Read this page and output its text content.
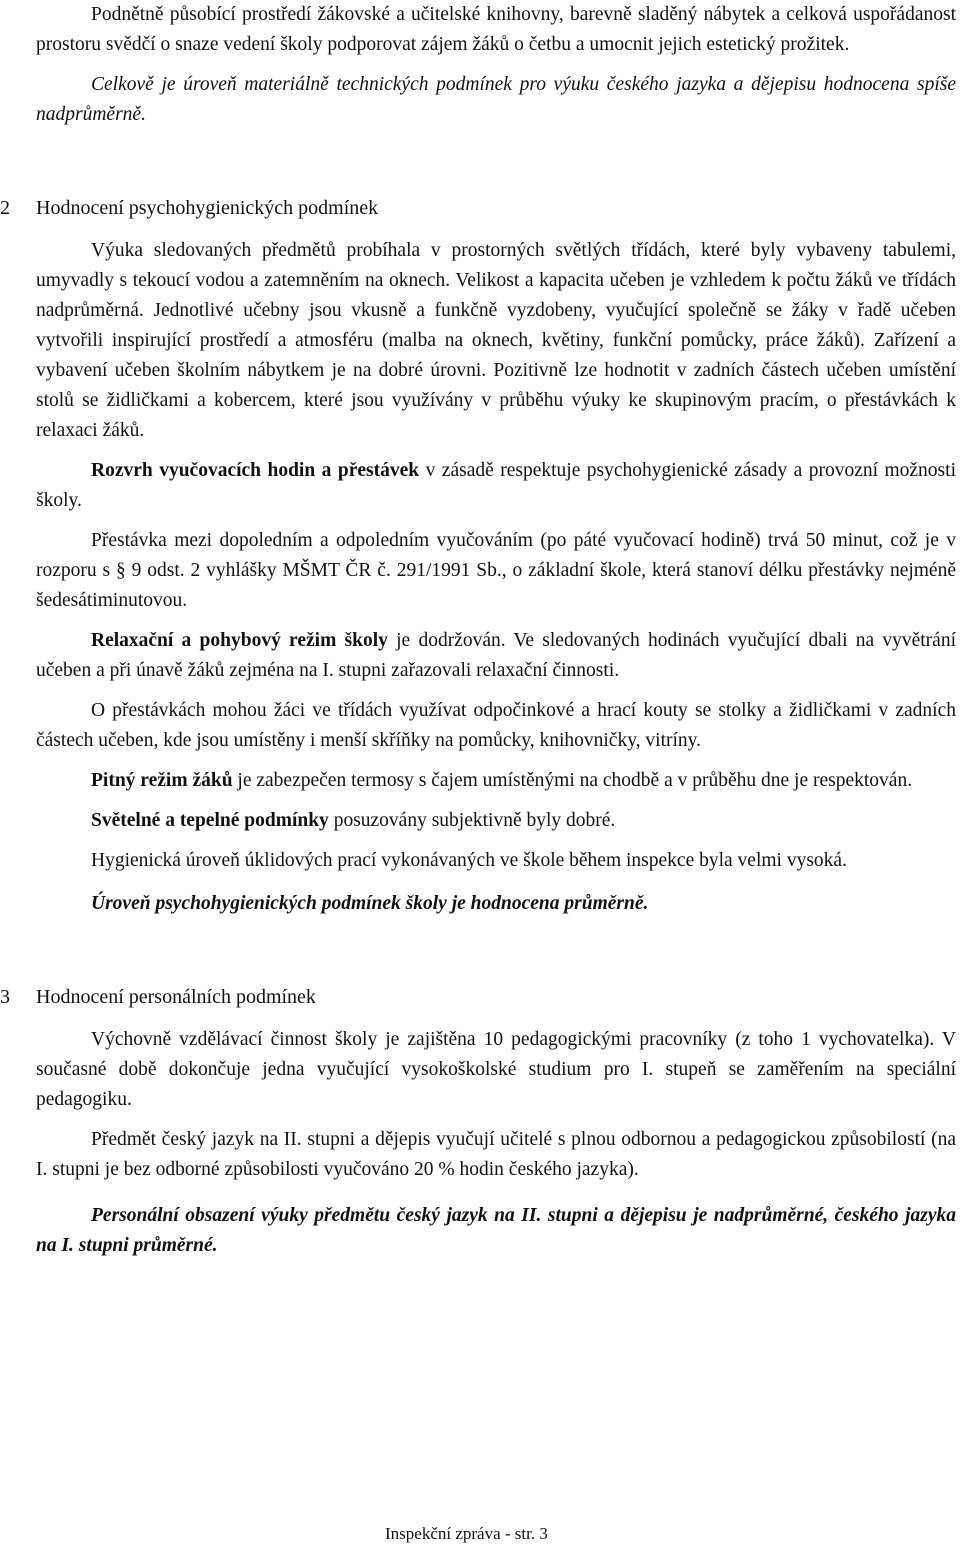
Podnětně působící prostředí žákovské a učitelské knihovny, barevně sladěný nábytek a celková uspořádanost prostoru svědčí o snaze vedení školy podporovat zájem žáků o četbu a umocnit jejich estetický prožitek.

Celkově je úroveň materiálně technických podmínek pro výuku českého jazyka a dějepisu hodnocena spíše nadprůměrně.

2	Hodnocení psychohygienických podmínek

Výuka sledovaných předmětů probíhala v prostorných světlých třídách, které byly vybaveny tabulemi, umyvadly s tekoucí vodou a zatemněním na oknech. Velikost a kapacita učeben je vzhledem k počtu žáků ve třídách nadprůměrná. Jednotlivé učebny jsou vkusně a funkčně vyzdobeny, vyučující společně se žáky v řadě učeben vytvořili inspirující prostředí a atmosféru (malba na oknech, květiny, funkční pomůcky, práce žáků). Zařízení a vybavení učeben školním nábytkem je na dobré úrovni. Pozitivně lze hodnotit v zadních částech učeben umístění stolů se židličkami a kobercem, které jsou využívány v průběhu výuky ke skupinovým pracím, o přestávkách k relaxaci žáků.

Rozvrh vyučovacích hodin a přestávek v zásadě respektuje psychohygienické zásady a provozní možnosti školy.

Přestávka mezi dopoledním a odpoledním vyučováním (po páté vyučovací hodině) trvá 50 minut, což je v rozporu s § 9 odst. 2 vyhlášky MŠMT ČR č. 291/1991 Sb., o základní škole, která stanoví délku přestávky nejméně šedesátiminutovou.

Relaxační a pohybový režim školy je dodržován. Ve sledovaných hodinách vyučující dbali na vyvětrání učeben a při únavě žáků zejména na I. stupni zařazovali relaxační činnosti.

O přestávkách mohou žáci ve třídách využívat odpočinkové a hrací kouty se stolky a židličkami v zadních částech učeben, kde jsou umístěny i menší skříňky na pomůcky, knihovničky, vitríny.

Pitný režim žáků je zabezpečen termosy s čajem umístěnými na chodbě a v průběhu dne je respektován.

Světelné a tepelné podmínky posuzovány subjektivně byly dobré.

Hygienická úroveň úklidových prací vykonávaných ve škole během inspekce byla velmi vysoká.

Úroveň psychohygienických podmínek školy je hodnocena průměrně.

3	Hodnocení personálních podmínek

Výchovně vzdělávací činnost školy je zajištěna 10 pedagogickými pracovníky (z toho 1 vychovatelka). V současné době dokončuje jedna vyučující vysokoškolské studium pro I. stupeň se zaměřením na speciální pedagogiku.

Předmět český jazyk na II. stupni a dějepis vyučují učitelé s plnou odbornou a pedagogickou způsobilostí (na I. stupni je bez odborné způsobilosti vyučováno 20 % hodin českého jazyka).

Personální obsazení výuky předmětu český jazyk na II. stupni a dějepisu je nadprůměrné, českého jazyka na I. stupni průměrné.

Inspekční zpráva - str. 3
